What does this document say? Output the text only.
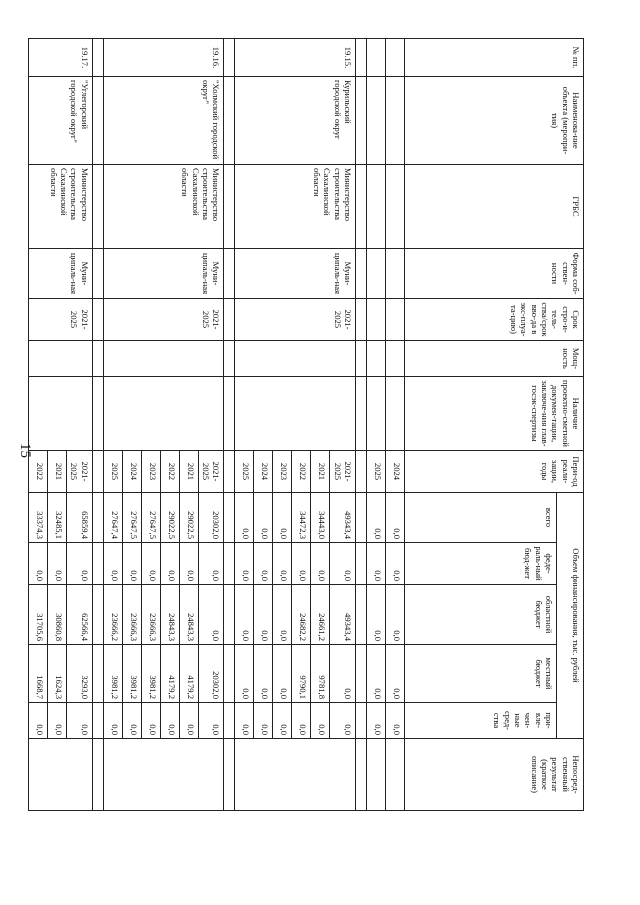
15
№ пп.	Наименова-ние объекта (меропри-тия)	ГРБС	Форма соб-ствен-ности	Срок стро-и-тель-ства/срок вво-да в экс-плуа-та-цию)	Мощ-ность	Наличие проектно-сметной докумен-тации, заключе-ния глав-госэк-спертизы	Пери-од реали-зации, годы	Объем финансирования, тыс. рублей					Непосред-ственный результат (краткое описание)
								всего	феде-раль-ный бюд-жет	областной бюджет	местный бюджет	при-вле-чен-ные сред-ства	
							2024	0,0	0,0	0,0	0,0	0,0	
							2025	0,0	0,0	0,0	0,0	0,0	

19.15.	Курильский городской округ	Министерство строительства Сахалинской области	Муни-ципаль-ная	2021-2025			2021-2025	49343,4	0,0	49343,4	0,0	0,0	
							2021	34443,0	0,0	24661,2	9781,8	0,0	
							2022	34472,3	0,0	24682,2	9790,1	0,0	
							2023	0,0	0,0	0,0	0,0	0,0	
							2024	0,0	0,0	0,0	0,0	0,0	
							2025	0,0	0,0	0,0	0,0	0,0	

19.16.	"Холмский городской округ"	Министерство строительства Сахалинской области	Муни-ципаль-ная	2021-2025			2021-2025	20302,0	0,0	0,0	20302,0	0,0	
							2021	29022,5	0,0	24843,3	4179,2	0,0	
							2022	29022,5	0,0	24843,3	4179,2	0,0	
							2023	27647,5	0,0	23666,3	3981,2	0,0	
							2024	27647,5	0,0	23666,3	3981,2	0,0	
							2025	27647,4	0,0	23666,2	3981,2	0,0	

19.17.	"Углегорский городской округ"	Министерство строительства Сахалинской области	Муни-ципаль-ная	2021-2025			2021-2025	65859,4	0,0	62566,4	3293,0	0,0	
							2021	32485,1	0,0	30860,8	1624,3	0,0	
							2022	33374,3	0,0	31705,6	1668,7	0,0	
